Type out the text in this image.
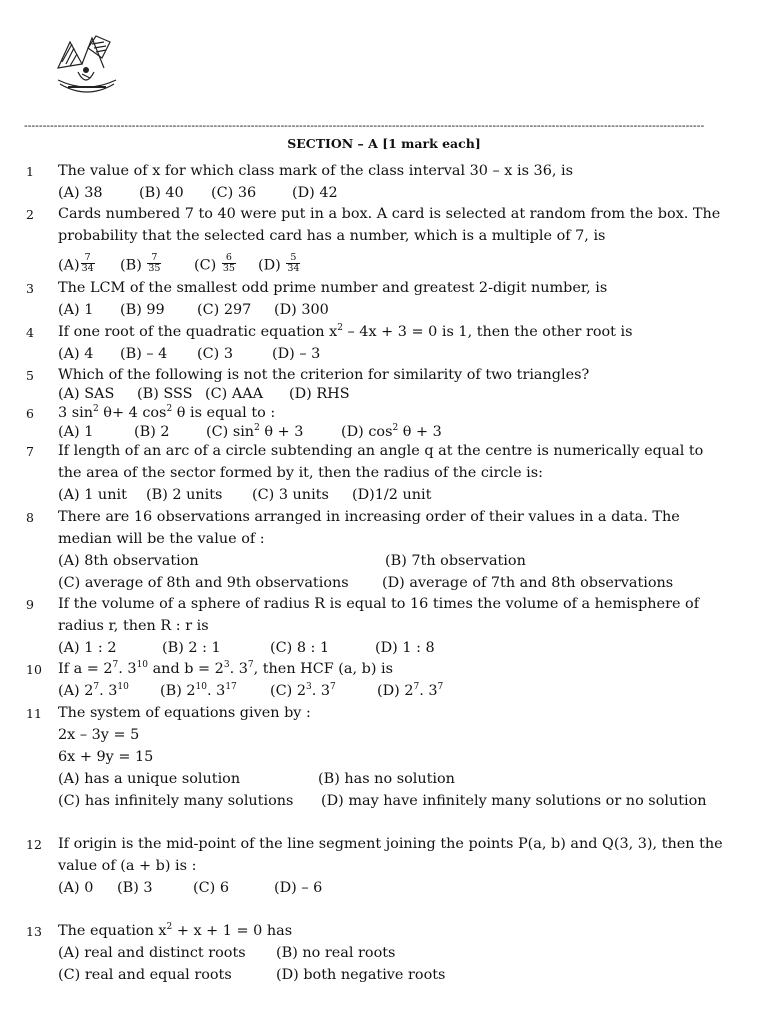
---------------------------------------------------------------------------------------------------------------------------------------------------------------------------------------
SECTION – A [1 mark each]
1 The value of x for which class mark of the class interval 30 – x is 36, is
(A) 38	(B) 40 (C) 36 (D) 42
2 Cards numbered 7 to 40 were put in a box. A card is selected at random from the box. The
probability that the selected card has a number, which is a multiple of 7, is
$(A) \frac{7}{34} (B) \frac{7}{35} (C) \frac{6}{35} (D) \frac{5}{34}$
3 The LCM of the smallest odd prime number and greatest 2-digit number, is
(A) 1 (B) 99 (C) 297 (D) 300
4 If one root of the quadratic equation $x^2 - 4x + 3 = 0$ is 1, then the other root is
(A) 4 (B) – 4 (C) 3	(D) – 3
5 Which of the following is not the criterion for similarity of two triangles?
(A) SAS (B) SSS (C) AAA (D) RHS
6 3 $\sin^2 \theta+ 4$ $\cos^2 \theta$ is equal to :
(A) 1	(B) 2	(C) $\sin^2 \theta + 3$	(D) $\cos^2 \theta + 3$
7 If length of an arc of a circle subtending an angle q at the centre is numerically equal to
the area of the sector formed by it, then the radius of the circle is:
(A) 1 unit (B) 2 units (C) 3 units (D)1/2 unit
8 There are 16 observations arranged in increasing order of their values in a data. The
median will be the value of :
(A) 8th observation	(B) 7th observation
(C) average of 8th and 9th observations (D) average of 7th and 8th observations
9 If the volume of a sphere of radius R is equal to 16 times the volume of a hemisphere of
radius r, then R : r is
(A) 1 : 2	(B) 2 : 1	(C) 8 : 1	(D) 1 : 8
10 If $a = 2^7$. $3^{10}$ and $b = 2^3$. $3^7$, then HCF (a, b) is
(A) $2^7$. $3^{10}$ (B) $2^{10}$. $3^{17}$ (C) $2^3$. $3^7$	(D) $2^7$. $3^7$
11 The system of equations given by :
2x – 3y = 5
6x + 9y = 15
(A) has a unique solution	(B) has no solution
(C) has infinitely many solutions (D) may have infinitely many solutions or no solution
12 If origin is the mid-point of the line segment joining the points P(a, b) and Q(3, 3), then the
value of (a + b) is :
(A) 0 (B) 3	(C) 6	(D) – 6
13 The equation $x^2 + x + 1 = 0$ has
(A) real and distinct roots (B) no real roots
(C) real and equal roots	(D) both negative roots
